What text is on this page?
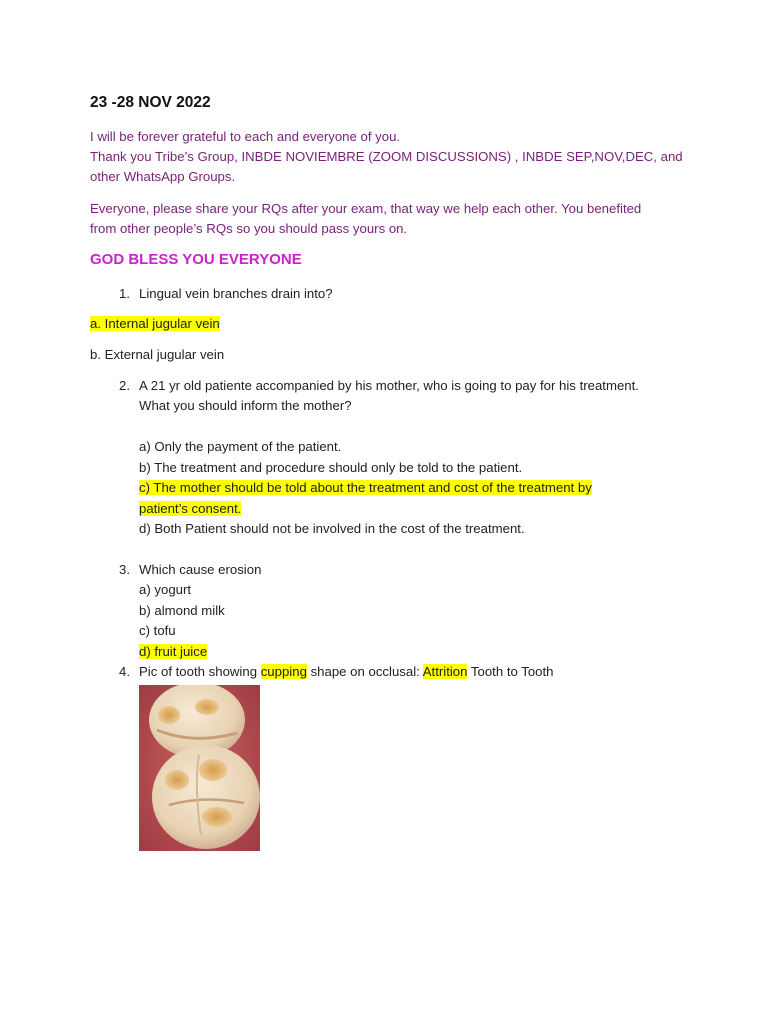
23 -28 NOV 2022
I will be forever grateful to each and everyone of you.
Thank you Tribe’s Group, INBDE NOVIEMBRE (ZOOM DISCUSSIONS) , INBDE SEP,NOV,DEC, and
other WhatsApp Groups.
Everyone, please share your RQs after your exam, that way we help each other. You benefited
from other people’s RQs so you should pass yours on.
GOD BLESS YOU EVERYONE
1. Lingual vein branches drain into?
a. Internal jugular vein
b. External jugular vein
2. A 21 yr old patiente accompanied by his mother, who is going to pay for his treatment.
What you should inform the mother?
a) Only the payment of the patient.
b) The treatment and procedure should only be told to the patient.
c) The mother should be told about the treatment and cost of the treatment by
patient’s consent.
d) Both Patient should not be involved in the cost of the treatment.
3. Which cause erosion
a) yogurt
b) almond milk
c) tofu
d) fruit juice
4. Pic of tooth showing cupping shape on occlusal: Attrition Tooth to Tooth
